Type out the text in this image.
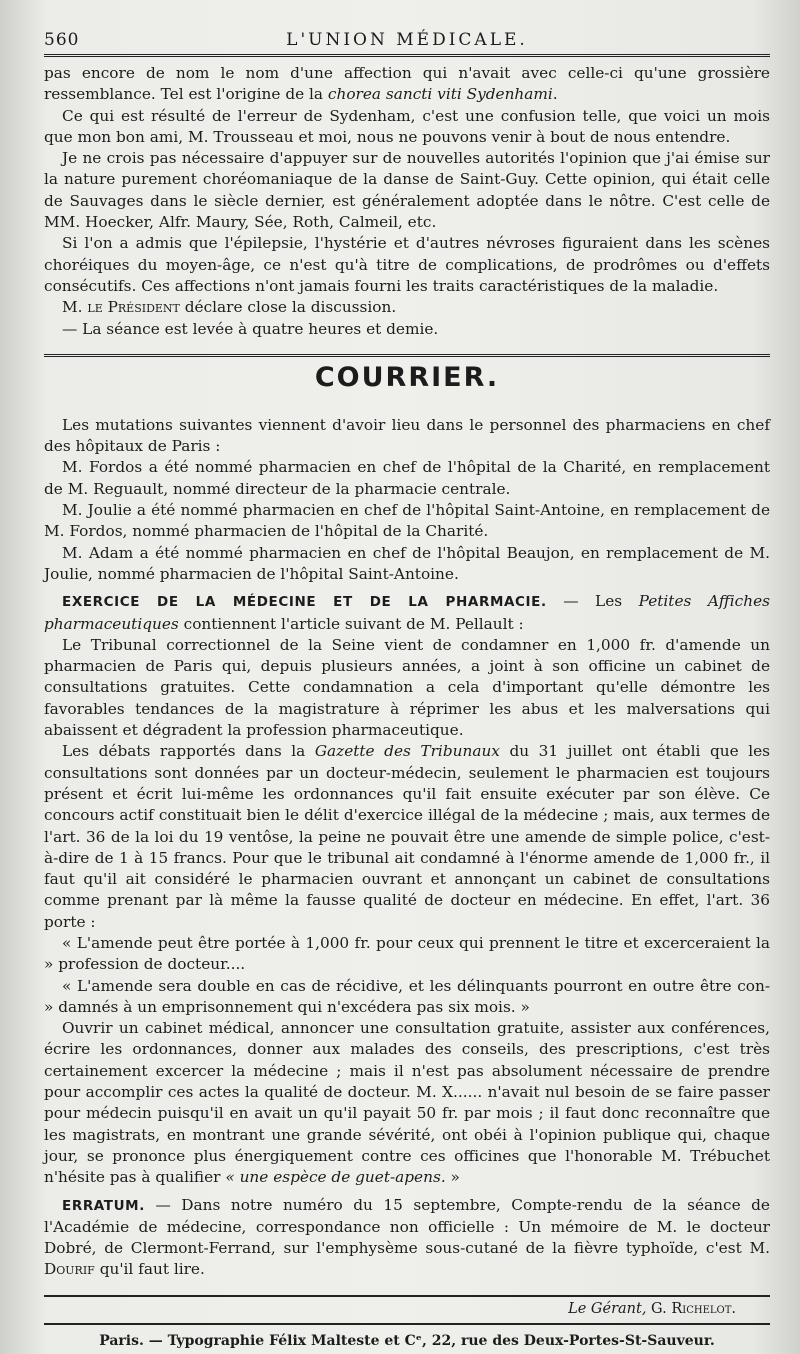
560	L'UNION MÉDICALE.

pas encore de nom le nom d'une affection qui n'avait avec celle-ci qu'une grossière ressemblance. Tel est l'origine de la chorea sancti viti Sydenhami.

Ce qui est résulté de l'erreur de Sydenham, c'est une confusion telle, que voici un mois que mon bon ami, M. Trousseau et moi, nous ne pouvons venir à bout de nous entendre.

Je ne crois pas nécessaire d'appuyer sur de nouvelles autorités l'opinion que j'ai émise sur la nature purement choréomaniaque de la danse de Saint-Guy. Cette opinion, qui était celle de Sauvages dans le siècle dernier, est généralement adoptée dans le nôtre. C'est celle de MM. Hoecker, Alfr. Maury, Sée, Roth, Calmeil, etc.

Si l'on a admis que l'épilepsie, l'hystérie et d'autres névroses figuraient dans les scènes choréiques du moyen-âge, ce n'est qu'à titre de complications, de prodrômes ou d'effets consécutifs. Ces affections n'ont jamais fourni les traits caractéristiques de la maladie.

M. le Président déclare close la discussion.

— La séance est levée à quatre heures et demie.

COURRIER.

Les mutations suivantes viennent d'avoir lieu dans le personnel des pharmaciens en chef des hôpitaux de Paris :

M. Fordos a été nommé pharmacien en chef de l'hôpital de la Charité, en remplacement de M. Reguault, nommé directeur de la pharmacie centrale.

M. Joulie a été nommé pharmacien en chef de l'hôpital Saint-Antoine, en remplacement de M. Fordos, nommé pharmacien de l'hôpital de la Charité.

M. Adam a été nommé pharmacien en chef de l'hôpital Beaujon, en remplacement de M. Joulie, nommé pharmacien de l'hôpital Saint-Antoine.

EXERCICE DE LA MÉDECINE ET DE LA PHARMACIE. — Les Petites Affiches pharmaceutiques contiennent l'article suivant de M. Pellault :

Le Tribunal correctionnel de la Seine vient de condamner en 1,000 fr. d'amende un pharmacien de Paris qui, depuis plusieurs années, a joint à son officine un cabinet de consultations gratuites. Cette condamnation a cela d'important qu'elle démontre les favorables tendances de la magistrature à réprimer les abus et les malversations qui abaissent et dégradent la profession pharmaceutique.

Les débats rapportés dans la Gazette des Tribunaux du 31 juillet ont établi que les consultations sont données par un docteur-médecin, seulement le pharmacien est toujours présent et écrit lui-même les ordonnances qu'il fait ensuite exécuter par son élève. Ce concours actif constituait bien le délit d'exercice illégal de la médecine ; mais, aux termes de l'art. 36 de la loi du 19 ventôse, la peine ne pouvait être une amende de simple police, c'est-à-dire de 1 à 15 francs. Pour que le tribunal ait condamné à l'énorme amende de 1,000 fr., il faut qu'il ait considéré le pharmacien ouvrant et annonçant un cabinet de consultations comme prenant par là même la fausse qualité de docteur en médecine. En effet, l'art. 36 porte :

« L'amende peut être portée à 1,000 fr. pour ceux qui prennent le titre et excerceraient la » profession de docteur....

« L'amende sera double en cas de récidive, et les délinquants pourront en outre être con- » damnés à un emprisonnement qui n'excédera pas six mois. »

Ouvrir un cabinet médical, annoncer une consultation gratuite, assister aux conférences, écrire les ordonnances, donner aux malades des conseils, des prescriptions, c'est très certainement excercer la médecine ; mais il n'est pas absolument nécessaire de prendre pour accomplir ces actes la qualité de docteur. M. X...... n'avait nul besoin de se faire passer pour médecin puisqu'il en avait un qu'il payait 50 fr. par mois ; il faut donc reconnaître que les magistrats, en montrant une grande sévérité, ont obéi à l'opinion publique qui, chaque jour, se prononce plus énergiquement contre ces officines que l'honorable M. Trébuchet n'hésite pas à qualifier « une espèce de guet-apens. »

ERRATUM. — Dans notre numéro du 15 septembre, Compte-rendu de la séance de l'Académie de médecine, correspondance non officielle : Un mémoire de M. le docteur Dobré, de Clermont-Ferrand, sur l'emphysème sous-cutané de la fièvre typhoïde, c'est M. Dourif qu'il faut lire.

Le Gérant, G. Richelot.
Paris. — Typographie Félix Malteste et Cᵉ, 22, rue des Deux-Portes-St-Sauveur.
